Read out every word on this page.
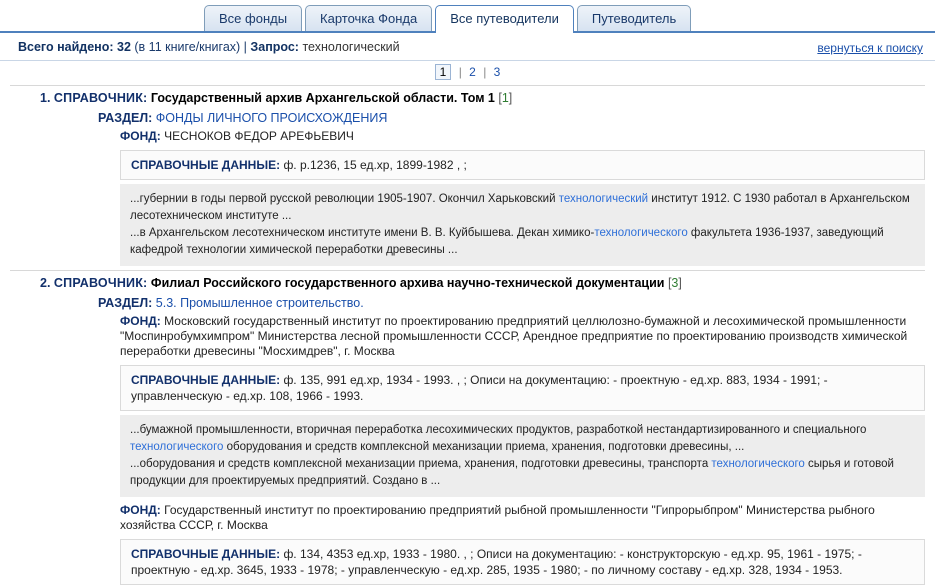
Все фонды	Карточка Фонда	Все путеводители	Путеводитель
Всего найдено: 32 (в 11 книге/книгах) | Запрос: технологический	вернуться к поиску
1 | 2 | 3
1. СПРАВОЧНИК: Государственный архив Архангельской области. Том 1 [1]
РАЗДЕЛ: ФОНДЫ ЛИЧНОГО ПРОИСХОЖДЕНИЯ
ФОНД: ЧЕСНОКОВ ФЕДОР АРЕФЬЕВИЧ
СПРАВОЧНЫЕ ДАННЫЕ: ф. р.1236, 15 ед.хр, 1899-1982 , ;

...губернии в годы первой русской революции 1905-1907. Окончил Харьковский технологический институт 1912. С 1930 работал в Архангельском лесотехническом институте ...

...в Архангельском лесотехническом институте имени В. В. Куйбышева. Декан химико-технологического факультета 1936-1937, заведующий кафедрой технологии химической переработки древесины ...

2. СПРАВОЧНИК: Филиал Российского государственного архива научно-технической документации [3]
РАЗДЕЛ: 5.3. Промышленное строительство.
ФОНД: Московский государственный институт по проектированию предприятий целлюлозно-бумажной и лесохимической промышленности "Моспинробумхимпром" Министерства лесной промышленности СССР, Арендное предприятие по проектированию производств химической переработки древесины "Мосхимдрев", г. Москва
СПРАВОЧНЫЕ ДАННЫЕ: ф. 135, 991 ед.хр, 1934 - 1993. , ; Описи на документацию: - проектную - ед.хр. 883, 1934 - 1991; - управленческую - ед.хр. 108, 1966 - 1993.

...бумажной промышленности, вторичная переработка лесохимических продуктов, разработкой нестандартизированного и специального технологического оборудования и средств комплексной механизации приема, хранения, подготовки древесины, ...

...оборудования и средств комплексной механизации приема, хранения, подготовки древесины, транспорта технологического сырья и готовой продукции для проектируемых предприятий. Создано в ...

ФОНД: Государственный институт по проектированию предприятий рыбной промышленности "Гипрорыбпром" Министерства рыбного хозяйства СССР, г. Москва
СПРАВОЧНЫЕ ДАННЫЕ: ф. 134, 4353 ед.хр, 1933 - 1980. , ; Описи на документацию: - конструкторскую - ед.хр. 95, 1961 - 1975; - проектную - ед.хр. 3645, 1933 - 1978; - управленческую - ед.хр. 285, 1935 - 1980; - по личному составу - ед.хр. 328, 1934 - 1953.
